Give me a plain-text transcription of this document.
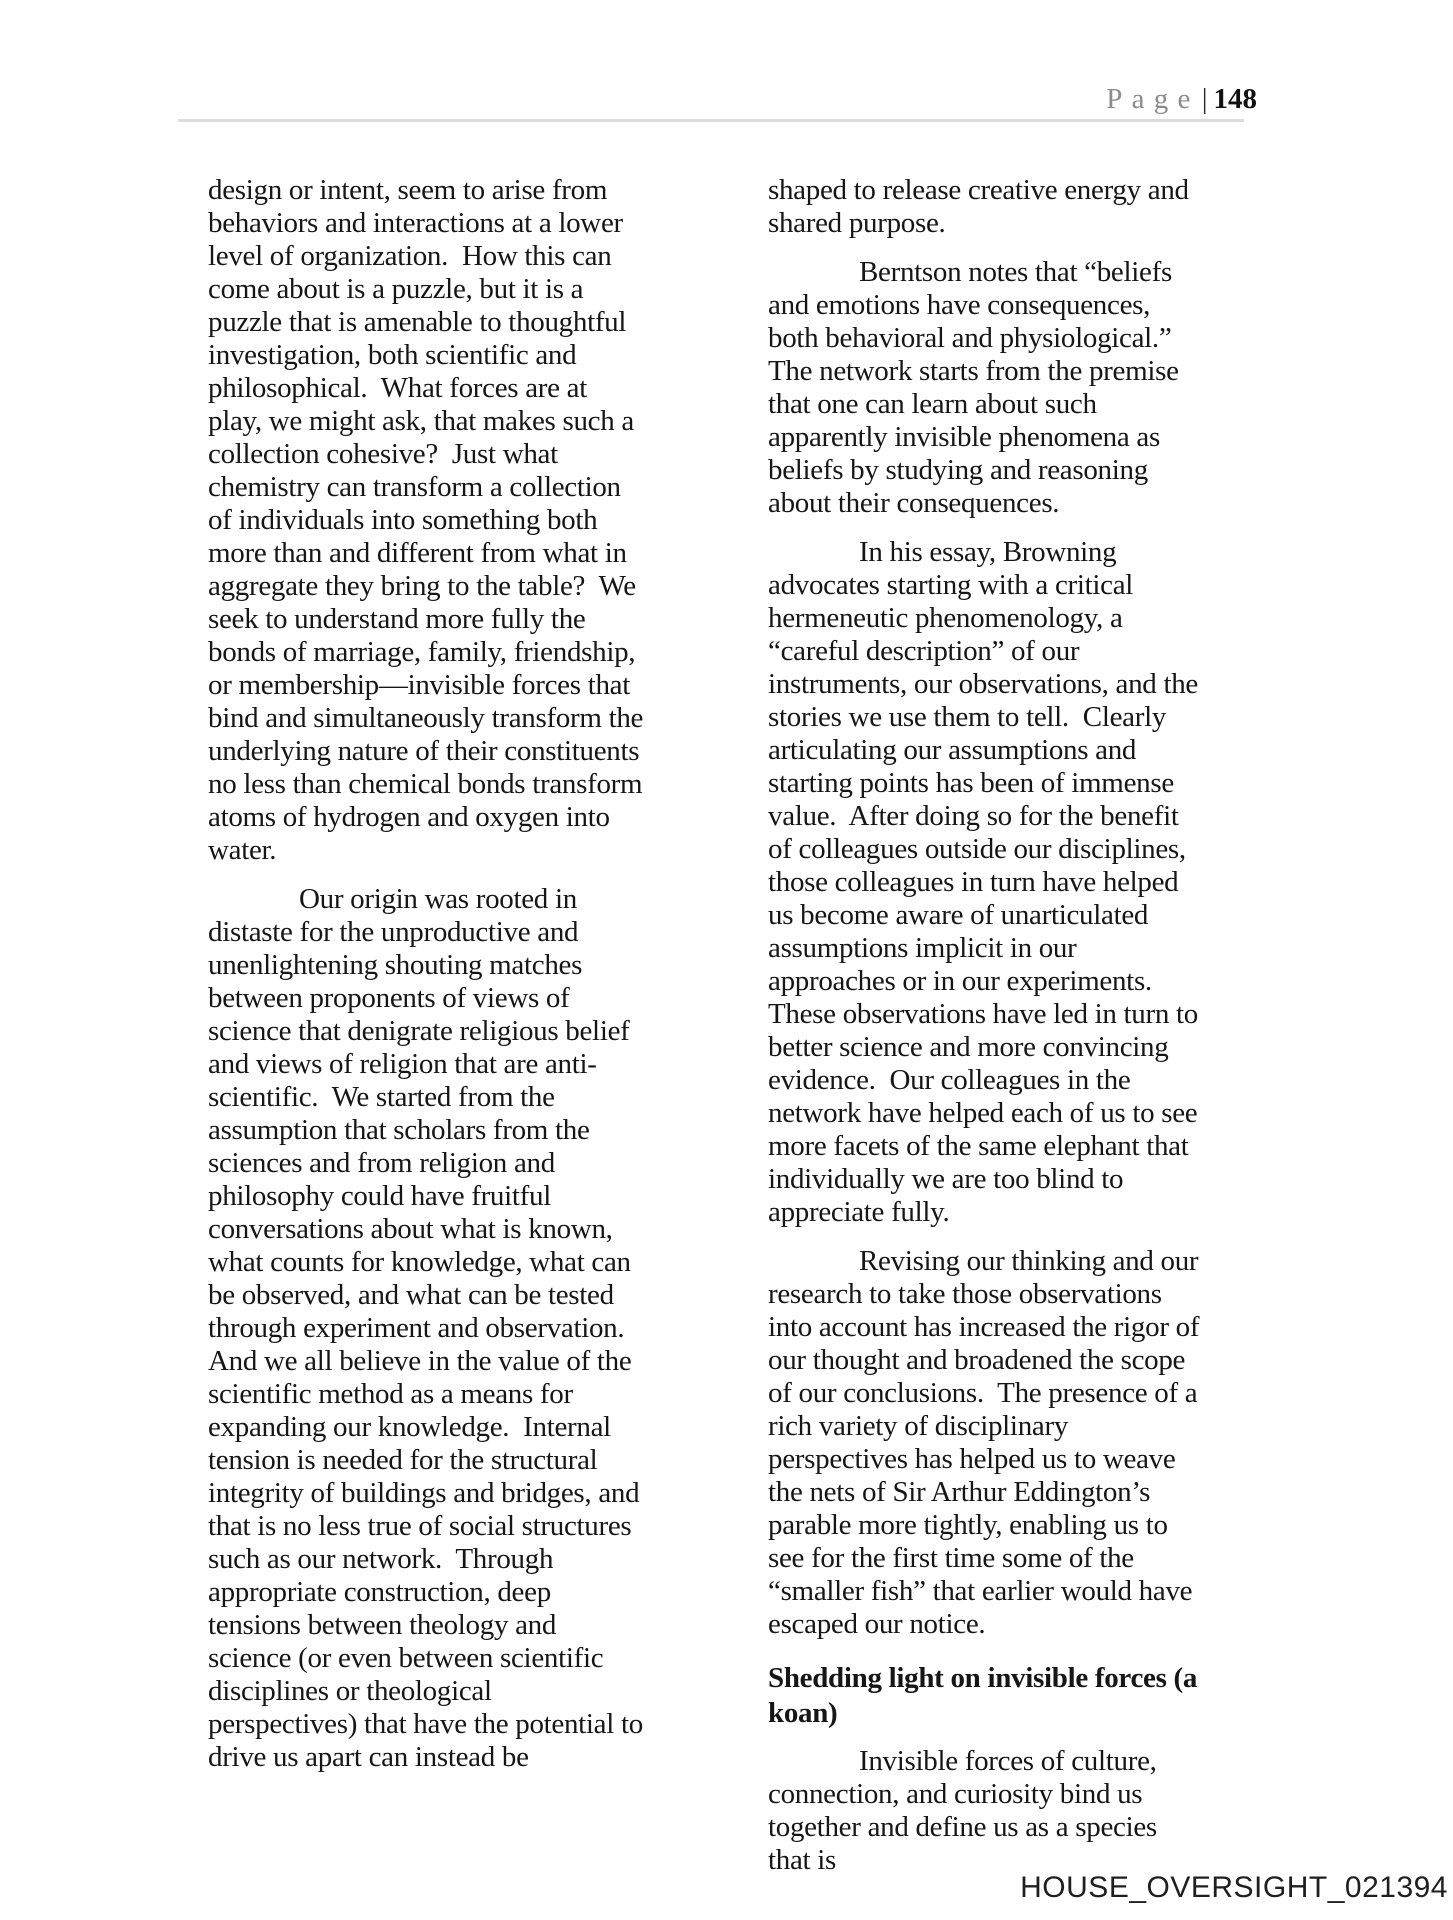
Page| 148

design or intent, seem to arise from behaviors and interactions at a lower level of organization.  How this can come about is a puzzle, but it is a puzzle that is amenable to thoughtful investigation, both scientific and philosophical.  What forces are at play, we might ask, that makes such a collection cohesive?  Just what chemistry can transform a collection of individuals into something both more than and different from what in aggregate they bring to the table?  We seek to understand more fully the bonds of marriage, family, friendship, or membership—invisible forces that bind and simultaneously transform the underlying nature of their constituents no less than chemical bonds transform atoms of hydrogen and oxygen into water.

Our origin was rooted in distaste for the unproductive and unenlightening shouting matches between proponents of views of science that denigrate religious belief and views of religion that are anti-scientific.  We started from the assumption that scholars from the sciences and from religion and philosophy could have fruitful conversations about what is known, what counts for knowledge, what can be observed, and what can be tested through experiment and observation.  And we all believe in the value of the scientific method as a means for expanding our knowledge.  Internal tension is needed for the structural integrity of buildings and bridges, and that is no less true of social structures such as our network.  Through appropriate construction, deep tensions between theology and science (or even between scientific disciplines or theological perspectives) that have the potential to drive us apart can instead be

shaped to release creative energy and shared purpose.

Berntson notes that “beliefs and emotions have consequences, both behavioral and physiological.”  The network starts from the premise that one can learn about such apparently invisible phenomena as beliefs by studying and reasoning about their consequences.

In his essay, Browning advocates starting with a critical hermeneutic phenomenology, a “careful description” of our instruments, our observations, and the stories we use them to tell.  Clearly articulating our assumptions and starting points has been of immense value.  After doing so for the benefit of colleagues outside our disciplines, those colleagues in turn have helped us become aware of unarticulated assumptions implicit in our approaches or in our experiments.  These observations have led in turn to better science and more convincing evidence.  Our colleagues in the network have helped each of us to see more facets of the same elephant that individually we are too blind to appreciate fully.

Revising our thinking and our research to take those observations into account has increased the rigor of our thought and broadened the scope of our conclusions.  The presence of a rich variety of disciplinary perspectives has helped us to weave the nets of Sir Arthur Eddington’s parable more tightly, enabling us to see for the first time some of the “smaller fish” that earlier would have escaped our notice.

Shedding light on invisible forces (a koan)

Invisible forces of culture, connection, and curiosity bind us together and define us as a species that is

HOUSE_OVERSIGHT_021394
